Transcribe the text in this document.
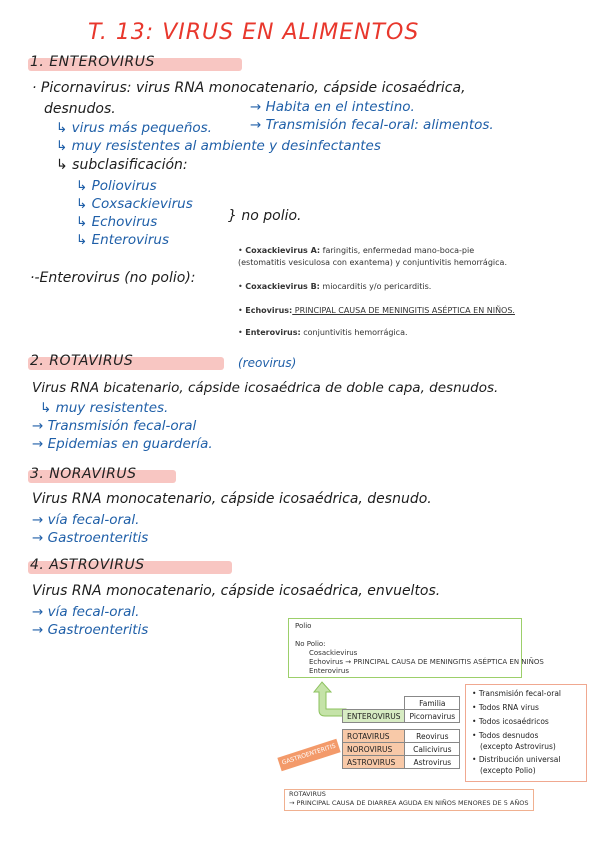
T. 13: VIRUS EN ALIMENTOS
1. ENTEROVIRUS
· Picornavirus: virus RNA monocatenario, cápside icosaédrica,
desnudos.	→ Habita en el intestino.
→ Transmisión fecal-oral: alimentos.
↳ virus más pequeños.
↳ muy resistentes al ambiente y desinfectantes
↳ subclasificación:
↳ Poliovirus
↳ Coxsackievirus
↳ Echovirus
↳ Enterovirus
} no polio.
·-Enterovirus (no polio):
• Coxackievirus A: faringitis, enfermedad mano-boca-pie (estomatitis vesiculosa con exantema) y conjuntivitis hemorrágica.
• Coxackievirus B: miocarditis y/o pericarditis.
• Echovirus: PRINCIPAL CAUSA DE MENINGITIS ASÉPTICA EN NIÑOS.
• Enterovirus: conjuntivitis hemorrágica.
2. ROTAVIRUS	(reovirus)
Virus RNA bicatenario, cápside icosaédrica de doble capa, desnudos.
↳ muy resistentes.
→ Transmisión fecal-oral
→ Epidemias en guardería.
3. NORAVIRUS
Virus RNA monocatenario, cápside icosaédrica, desnudo.
→ vía fecal-oral.
→ Gastroenteritis
4. ASTROVIRUS
Virus RNA monocatenario, cápside icosaédrica, envueltos.
→ vía fecal-oral.
→ Gastroenteritis	Polio
No Polio:
Cosackievirus
Echovirus → PRINCIPAL CAUSA DE MENINGITIS ASÉPTICA EN NIÑOS
Enterovirus
	Familia
ENTEROVIRUS	Picornavirus

ROTAVIRUS	Reovirus
NOROVIRUS	Calicivirus
ASTROVIRUS	Astrovirus
GASTROENTERITIS
• Transmisión fecal-oral
• Todos RNA virus
• Todos icosaédricos
• Todos desnudos
(excepto Astrovirus)
• Distribución universal
(excepto Polio)
ROTAVIRUS
→ PRINCIPAL CAUSA DE DIARREA AGUDA EN NIÑOS MENORES DE 5 AÑOS
